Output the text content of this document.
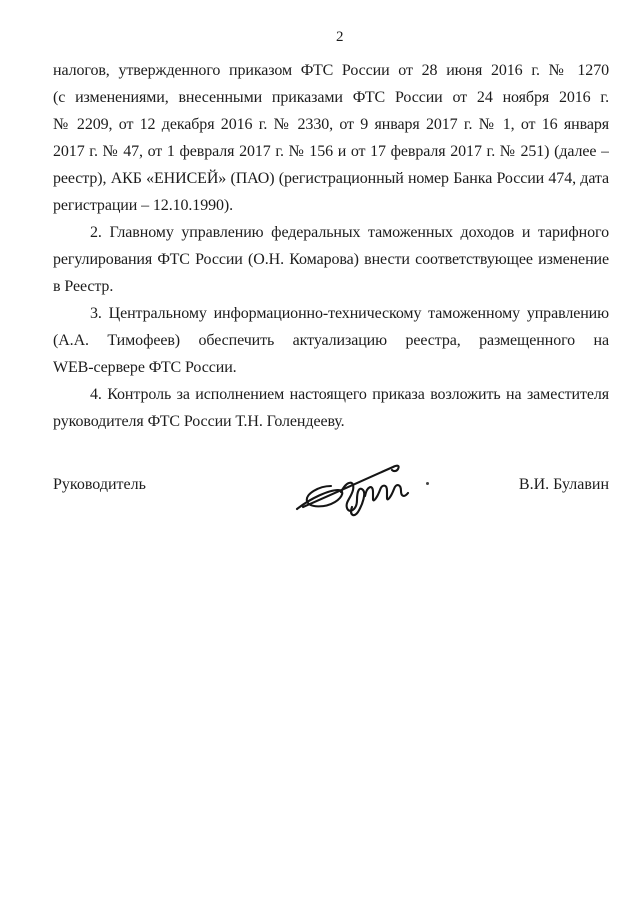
2
налогов, утвержденного приказом ФТС России от 28 июня 2016 г. № 1270
(с изменениями, внесенными приказами ФТС России от 24 ноября 2016 г.
№ 2209, от 12 декабря 2016 г. № 2330, от 9 января 2017 г. № 1, от 16 января
2017 г. № 47, от 1 февраля 2017 г. № 156 и от 17 февраля 2017 г. № 251) (далее –
реестр), АКБ «ЕНИСЕЙ» (ПАО) (регистрационный номер Банка России 474, дата
регистрации – 12.10.1990).
2. Главному управлению федеральных таможенных доходов и тарифного
регулирования ФТС России (О.Н. Комарова) внести соответствующее изменение
в Реестр.
3. Центральному информационно-техническому таможенному управлению
(А.А. Тимофеев) обеспечить актуализацию реестра, размещенного на
WEB-сервере ФТС России.
4. Контроль за исполнением настоящего приказа возложить на заместителя
руководителя ФТС России Т.Н. Голендееву.
Руководитель	В.И. Булавин
